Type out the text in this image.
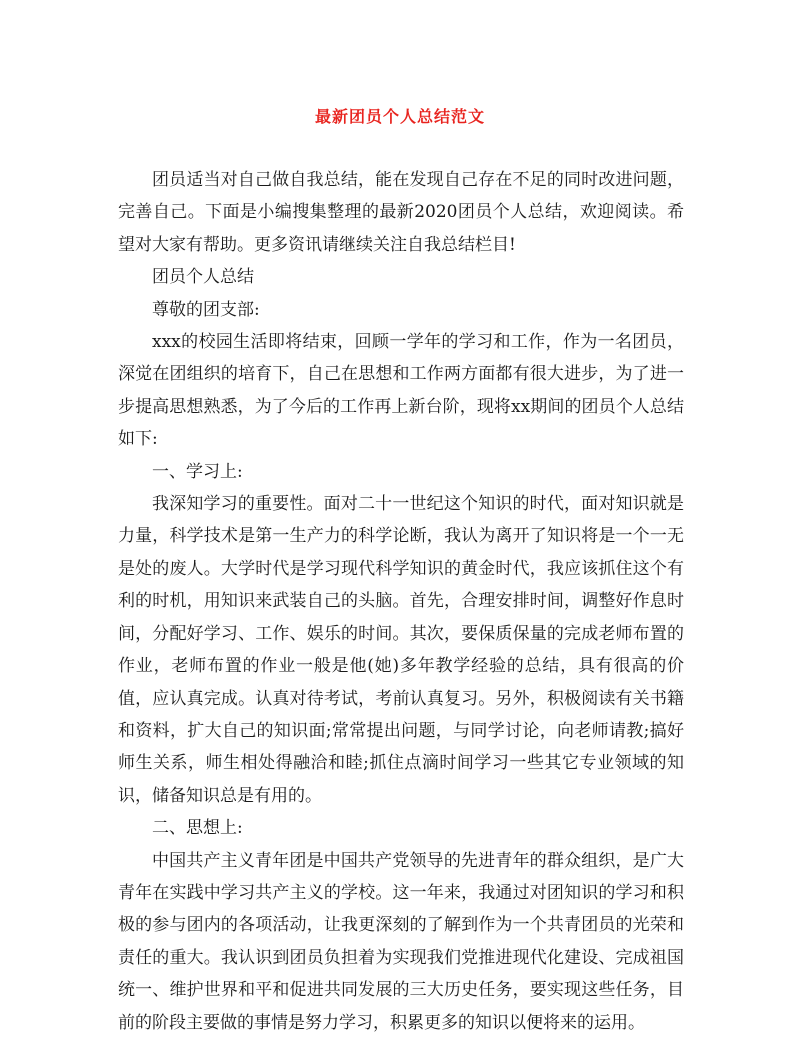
最新团员个人总结范文

团员适当对自己做自我总结，能在发现自己存在不足的同时改进问题，完善自己。下面是小编搜集整理的最新2020团员个人总结，欢迎阅读。希望对大家有帮助。更多资讯请继续关注自我总结栏目!

团员个人总结

尊敬的团支部:

xxx的校园生活即将结束，回顾一学年的学习和工作，作为一名团员，深觉在团组织的培育下，自己在思想和工作两方面都有很大进步，为了进一步提高思想熟悉，为了今后的工作再上新台阶，现将xx期间的团员个人总结如下:

一、学习上:

我深知学习的重要性。面对二十一世纪这个知识的时代，面对知识就是力量，科学技术是第一生产力的科学论断，我认为离开了知识将是一个一无是处的废人。大学时代是学习现代科学知识的黄金时代，我应该抓住这个有利的时机，用知识来武装自己的头脑。首先，合理安排时间，调整好作息时间，分配好学习、工作、娱乐的时间。其次，要保质保量的完成老师布置的作业，老师布置的作业一般是他(她)多年教学经验的总结，具有很高的价值，应认真完成。认真对待考试，考前认真复习。另外，积极阅读有关书籍和资料，扩大自己的知识面;常常提出问题，与同学讨论，向老师请教;搞好师生关系，师生相处得融洽和睦;抓住点滴时间学习一些其它专业领域的知识，储备知识总是有用的。

二、思想上:

中国共产主义青年团是中国共产党领导的先进青年的群众组织，是广大青年在实践中学习共产主义的学校。这一年来，我通过对团知识的学习和积极的参与团内的各项活动，让我更深刻的了解到作为一个共青团员的光荣和责任的重大。我认识到团员负担着为实现我们党推进现代化建设、完成祖国统一、维护世界和平和促进共同发展的三大历史任务，要实现这些任务，目前的阶段主要做的事情是努力学习，积累更多的知识以便将来的运用。
